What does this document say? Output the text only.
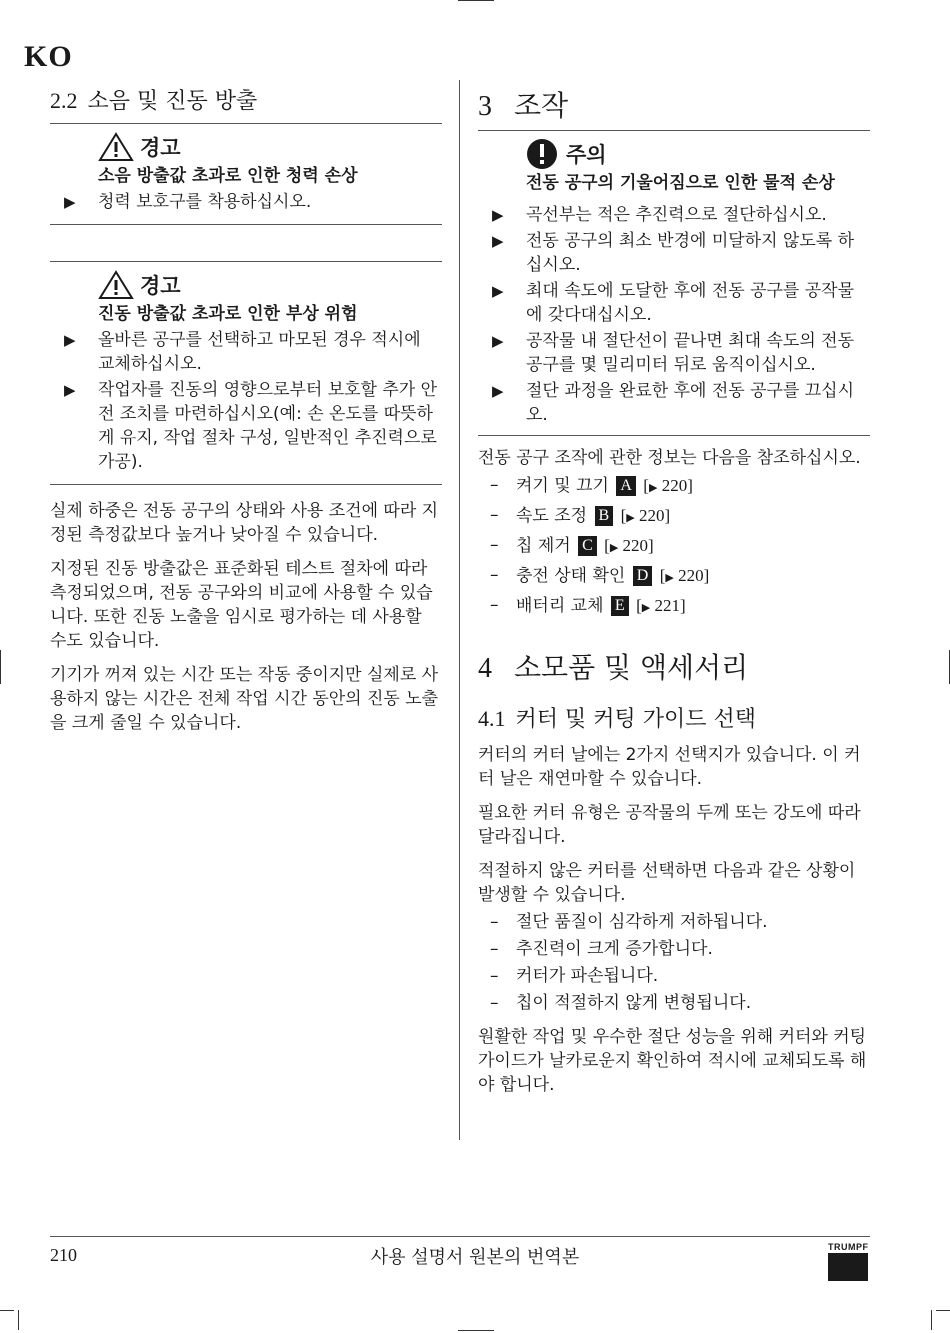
KO
2.2 소음 및 진동 방출
경고
소음 방출값 초과로 인한 청력 손상
▶ 청력 보호구를 착용하십시오.
경고
진동 방출값 초과로 인한 부상 위험
▶ 올바른 공구를 선택하고 마모된 경우 적시에 교체하십시오.
▶ 작업자를 진동의 영향으로부터 보호할 추가 안전 조치를 마련하십시오(예: 손 온도를 따뜻하게 유지, 작업 절차 구성, 일반적인 추진력으로 가공).

실제 하중은 전동 공구의 상태와 사용 조건에 따라 지정된 측정값보다 높거나 낮아질 수 있습니다.

지정된 진동 방출값은 표준화된 테스트 절차에 따라 측정되었으며, 전동 공구와의 비교에 사용할 수 있습니다. 또한 진동 노출을 임시로 평가하는 데 사용할 수도 있습니다.

기기가 꺼져 있는 시간 또는 작동 중이지만 실제로 사용하지 않는 시간은 전체 작업 시간 동안의 진동 노출을 크게 줄일 수 있습니다.

3 조작
주의
전동 공구의 기울어짐으로 인한 물적 손상
▶ 곡선부는 적은 추진력으로 절단하십시오.
▶ 전동 공구의 최소 반경에 미달하지 않도록 하십시오.
▶ 최대 속도에 도달한 후에 전동 공구를 공작물에 갖다대십시오.
▶ 공작물 내 절단선이 끝나면 최대 속도의 전동 공구를 몇 밀리미터 뒤로 움직이십시오.
▶ 절단 과정을 완료한 후에 전동 공구를 끄십시오.

전동 공구 조작에 관한 정보는 다음을 참조하십시오.

– 켜기 및 끄기 A [▶ 220]
– 속도 조정 B [▶ 220]
– 칩 제거 C [▶ 220]
– 충전 상태 확인 D [▶ 220]
– 배터리 교체 E [▶ 221]
4 소모품 및 액세서리
4.1 커터 및 커팅 가이드 선택

커터의 커터 날에는 2가지 선택지가 있습니다. 이 커터 날은 재연마할 수 있습니다.

필요한 커터 유형은 공작물의 두께 또는 강도에 따라 달라집니다.

적절하지 않은 커터를 선택하면 다음과 같은 상황이 발생할 수 있습니다.

– 절단 품질이 심각하게 저하됩니다.
– 추진력이 크게 증가합니다.
– 커터가 파손됩니다.
– 칩이 적절하지 않게 변형됩니다.

원활한 작업 및 우수한 절단 성능을 위해 커터와 커팅 가이드가 날카로운지 확인하여 적시에 교체되도록 해야 합니다.

210	사용 설명서 원본의 번역본	TRUMPF
